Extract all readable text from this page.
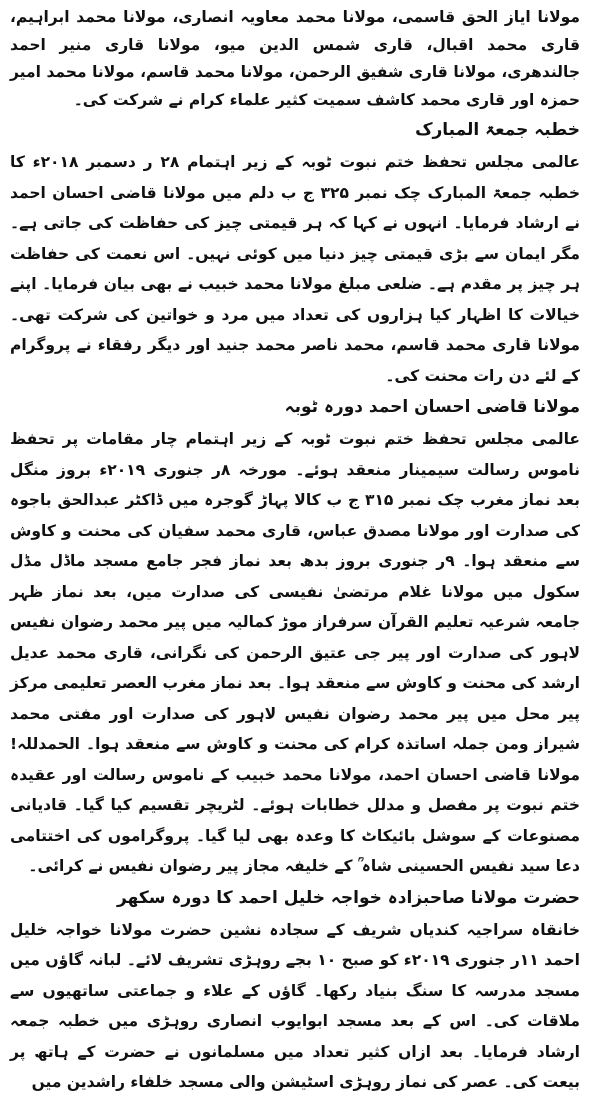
مولانا ایاز الحق قاسمی، مولانا محمد معاویہ انصاری، مولانا محمد ابراہیم، قاری محمد اقبال، قاری شمس الدین میو، مولانا قاری منیر احمد جالندھری، مولانا قاری شفیق الرحمن، مولانا محمد قاسم، مولانا محمد امیر حمزہ اور قاری محمد کاشف سمیت کثیر علماء کرام نے شرکت کی۔

خطبہ جمعۃ المبارک

عالمی مجلس تحفظ ختم نبوت ٹوبہ کے زیر اہتمام ۲۸ ر دسمبر ۲۰۱۸ء کا خطبہ جمعۃ المبارک چک نمبر ۳۲۵ ج ب دلم میں مولانا قاضی احسان احمد نے ارشاد فرمایا۔ انہوں نے کہا کہ ہر قیمتی چیز کی حفاظت کی جاتی ہے۔ مگر ایمان سے بڑی قیمتی چیز دنیا میں کوئی نہیں۔ اس نعمت کی حفاظت ہر چیز پر مقدم ہے۔ ضلعی مبلغ مولانا محمد خبیب نے بھی بیان فرمایا۔ اپنے خیالات کا اظہار کیا ہزاروں کی تعداد میں مرد و خواتین کی شرکت تھی۔ مولانا قاری محمد قاسم، محمد ناصر محمد جنید اور دیگر رفقاء نے پروگرام کے لئے دن رات محنت کی۔

مولانا قاضی احسان احمد دورہ ٹوبہ

عالمی مجلس تحفظ ختم نبوت ٹوبہ کے زیر اہتمام چار مقامات پر تحفظ ناموس رسالت سیمینار منعقد ہوئے۔ مورخہ ۸ر جنوری ۲۰۱۹ء بروز منگل بعد نماز مغرب چک نمبر ۳۱۵ ج ب کالا پہاڑ گوجرہ میں ڈاکٹر عبدالحق باجوہ کی صدارت اور مولانا مصدق عباس، قاری محمد سفیان کی محنت و کاوش سے منعقد ہوا۔ ۹ر جنوری بروز بدھ بعد نماز فجر جامع مسجد ماڈل مڈل سکول میں مولانا غلام مرتضیٰ نفیسی کی صدارت میں، بعد نماز ظہر جامعہ شرعیہ تعلیم القرآن سرفراز موڑ کمالیہ میں پیر محمد رضوان نفیس لاہور کی صدارت اور پیر جی عتیق الرحمن کی نگرانی، قاری محمد عدیل ارشد کی محنت و کاوش سے منعقد ہوا۔ بعد نماز مغرب العصر تعلیمی مرکز پیر محل میں پیر محمد رضوان نفیس لاہور کی صدارت اور مفتی محمد شیراز ومن جملہ اساتذہ کرام کی محنت و کاوش سے منعقد ہوا۔ الحمدللہ! مولانا قاضی احسان احمد، مولانا محمد خبیب کے ناموس رسالت اور عقیدہ ختم نبوت پر مفصل و مدلل خطابات ہوئے۔ لٹریچر تقسیم کیا گیا۔ قادیانی مصنوعات کے سوشل بائیکاٹ کا وعدہ بھی لیا گیا۔ پروگراموں کی اختتامی دعا سید نفیس الحسینی شاہ ؒ کے خلیفہ مجاز پیر رضوان نفیس نے کرائی۔

حضرت مولانا صاحبزادہ خواجہ خلیل احمد کا دورہ سکھر

خانقاہ سراجیہ کندیاں شریف کے سجادہ نشین حضرت مولانا خواجہ خلیل احمد ۱۱ر جنوری ۲۰۱۹ء کو صبح ۱۰ بجے روہڑی تشریف لائے۔ لبانہ گاؤں میں مسجد مدرسہ کا سنگ بنیاد رکھا۔ گاؤں کے علاء و جماعتی ساتھیوں سے ملاقات کی۔ اس کے بعد مسجد ابوایوب انصاری روہڑی میں خطبہ جمعہ ارشاد فرمایا۔ بعد ازاں کثیر تعداد میں مسلمانوں نے حضرت کے ہاتھ پر بیعت کی۔ عصر کی نماز روہڑی اسٹیشن والی مسجد خلفاء راشدین میں
